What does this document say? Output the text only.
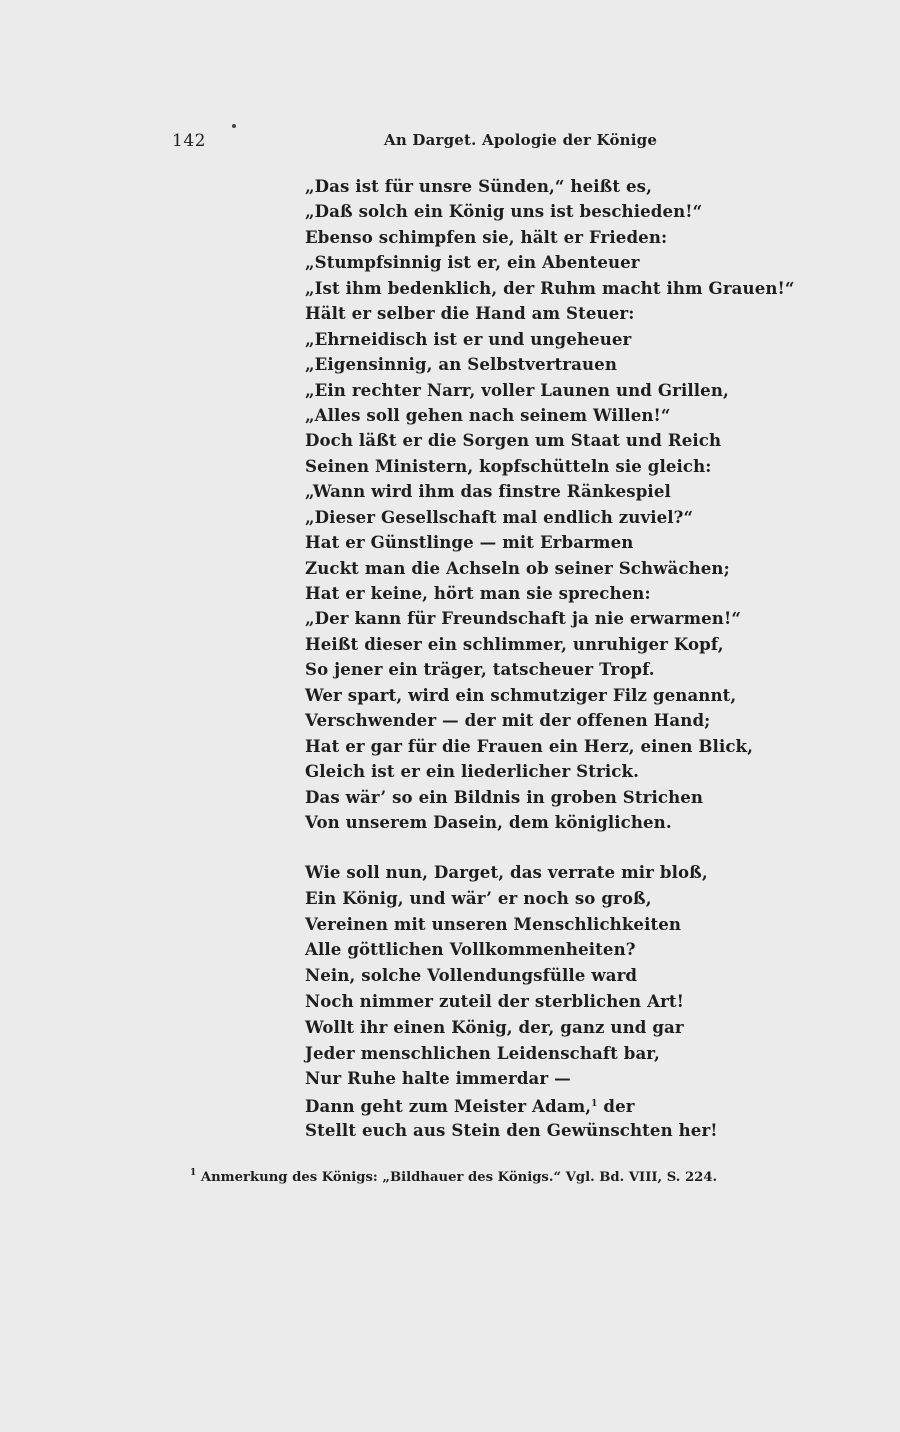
142	An Darget. Apologie der Könige
„Das ist für unsre Sünden,“ heißt es,
„Daß solch ein König uns ist beschieden!“
Ebenso schimpfen sie, hält er Frieden:
„Stumpfsinnig ist er, ein Abenteuer
„Ist ihm bedenklich, der Ruhm macht ihm Grauen!“
Hält er selber die Hand am Steuer:
„Ehrneidisch ist er und ungeheuer
„Eigensinnig, an Selbstvertrauen
„Ein rechter Narr, voller Launen und Grillen,
„Alles soll gehen nach seinem Willen!“
Doch läßt er die Sorgen um Staat und Reich
Seinen Ministern, kopfschütteln sie gleich:
„Wann wird ihm das finstre Ränkespiel
„Dieser Gesellschaft mal endlich zuviel?“
Hat er Günstlinge — mit Erbarmen
Zuckt man die Achseln ob seiner Schwächen;
Hat er keine, hört man sie sprechen:
„Der kann für Freundschaft ja nie erwarmen!“
Heißt dieser ein schlimmer, unruhiger Kopf,
So jener ein träger, tatscheuer Tropf.
Wer spart, wird ein schmutziger Filz genannt,
Verschwender — der mit der offenen Hand;
Hat er gar für die Frauen ein Herz, einen Blick,
Gleich ist er ein liederlicher Strick.
Das wär’ so ein Bildnis in groben Strichen
Von unserem Dasein, dem königlichen.
Wie soll nun, Darget, das verrate mir bloß,
Ein König, und wär’ er noch so groß,
Vereinen mit unseren Menschlichkeiten
Alle göttlichen Vollkommenheiten?
Nein, solche Vollendungsfülle ward
Noch nimmer zuteil der sterblichen Art!
Wollt ihr einen König, der, ganz und gar
Jeder menschlichen Leidenschaft bar,
Nur Ruhe halte immerdar —
Dann geht zum Meister Adam,$^1$ der
Stellt euch aus Stein den Gewünschten her!
$^1$ Anmerkung des Königs: „Bildhauer des Königs.“ Vgl. Bd. VIII, S. 224.
